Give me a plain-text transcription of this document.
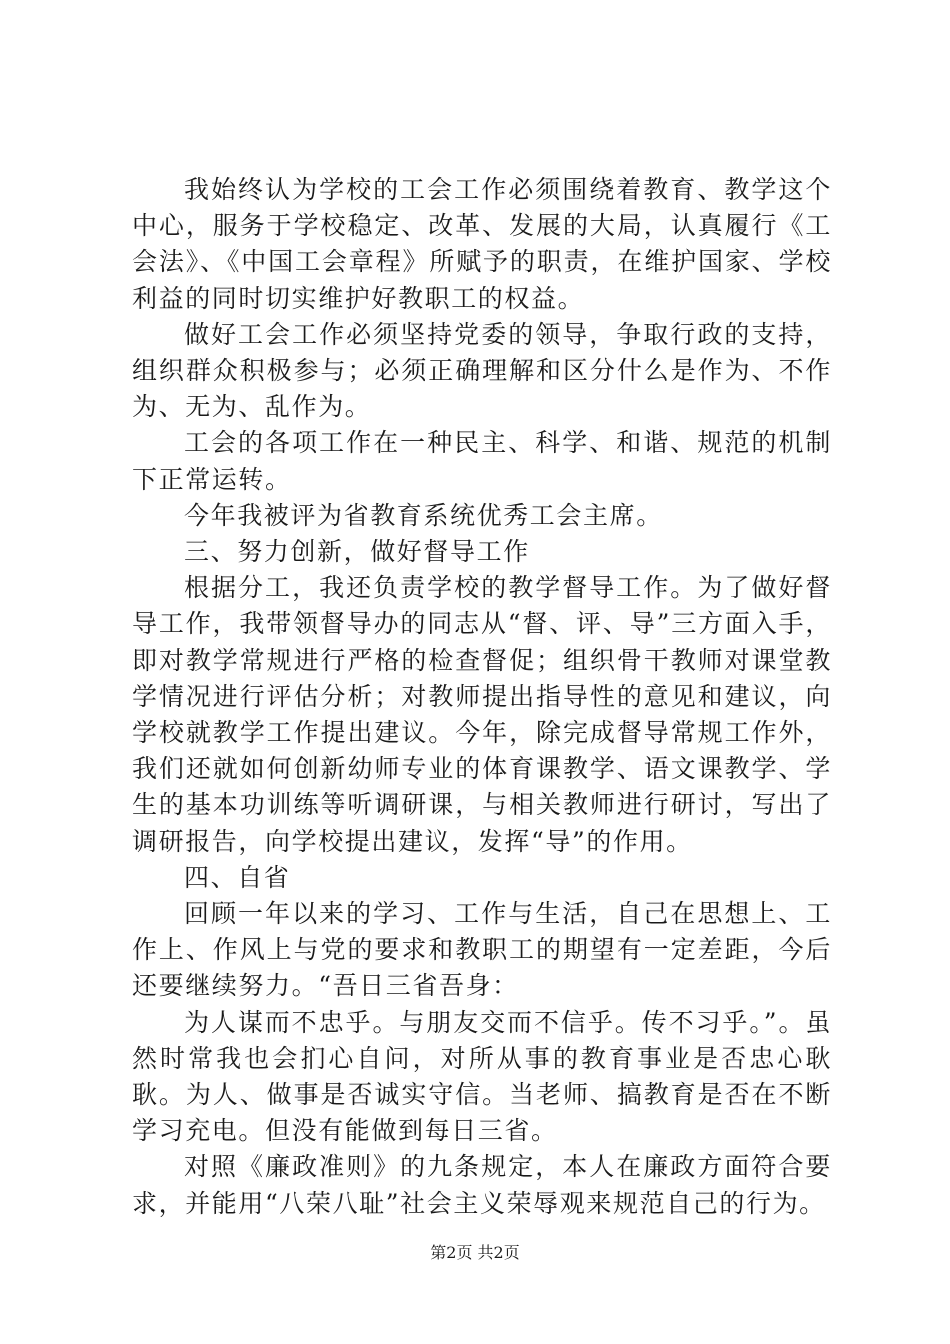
我始终认为学校的工会工作必须围绕着教育、教学这个中心，服务于学校稳定、改革、发展的大局，认真履行《工会法》、《中国工会章程》所赋予的职责，在维护国家、学校利益的同时切实维护好教职工的权益。

做好工会工作必须坚持党委的领导，争取行政的支持，组织群众积极参与；必须正确理解和区分什么是作为、不作为、无为、乱作为。

工会的各项工作在一种民主、科学、和谐、规范的机制下正常运转。

今年我被评为省教育系统优秀工会主席。

三、努力创新，做好督导工作

根据分工，我还负责学校的教学督导工作。为了做好督导工作，我带领督导办的同志从“督、评、导”三方面入手，即对教学常规进行严格的检查督促；组织骨干教师对课堂教学情况进行评估分析；对教师提出指导性的意见和建议，向学校就教学工作提出建议。今年，除完成督导常规工作外，我们还就如何创新幼师专业的体育课教学、语文课教学、学生的基本功训练等听调研课，与相关教师进行研讨，写出了调研报告，向学校提出建议，发挥“导”的作用。

四、自省

回顾一年以来的学习、工作与生活，自己在思想上、工作上、作风上与党的要求和教职工的期望有一定差距，今后还要继续努力。“吾日三省吾身：

为人谋而不忠乎。与朋友交而不信乎。传不习乎。”。虽然时常我也会扪心自问，对所从事的教育事业是否忠心耿耿。为人、做事是否诚实守信。当老师、搞教育是否在不断学习充电。但没有能做到每日三省。

对照《廉政准则》的九条规定，本人在廉政方面符合要求，并能用“八荣八耻”社会主义荣辱观来规范自己的行为。

第2页 共2页
